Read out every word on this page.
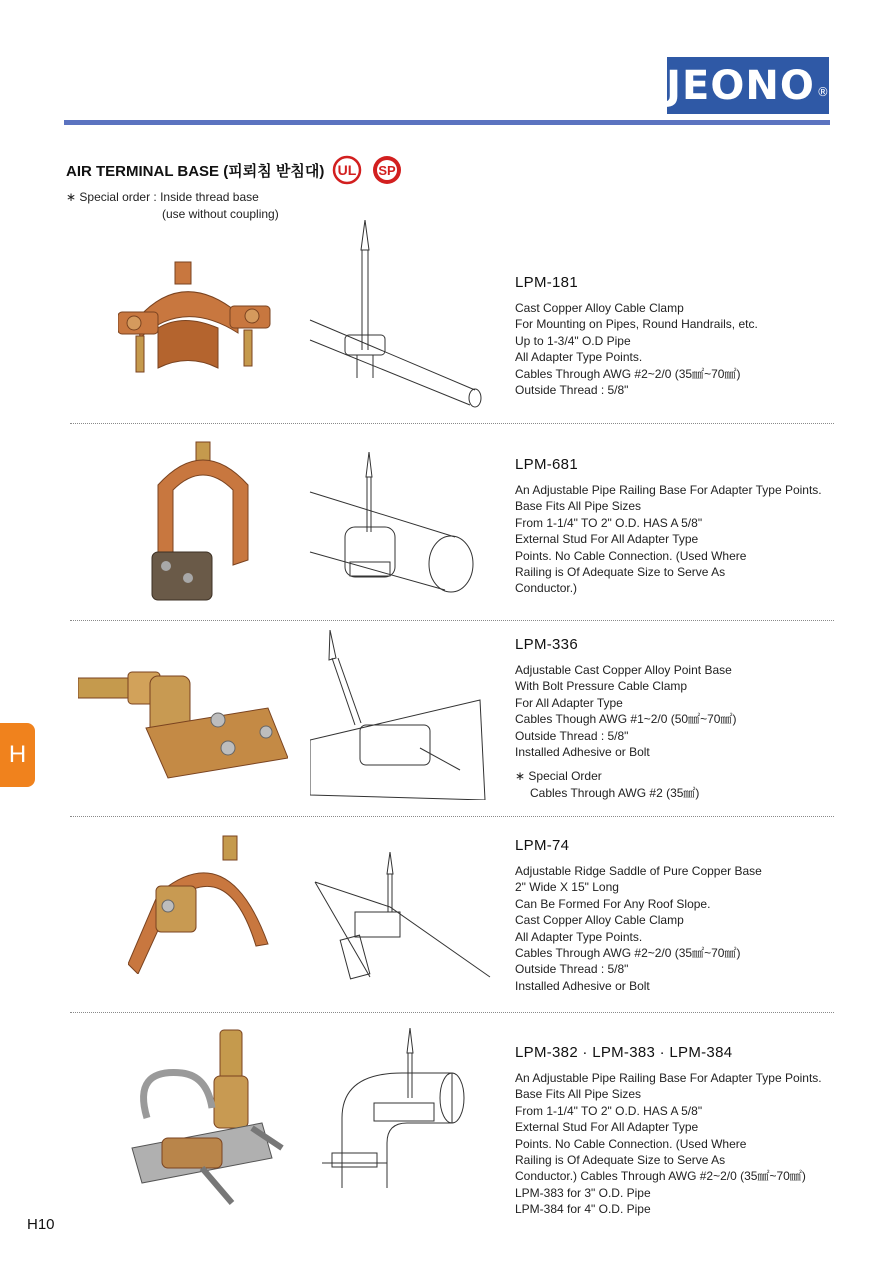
JEONO®
AIR TERMINAL BASE (피뢰침 받침대) UL SP
∗ Special order : Inside thread base
(use without coupling)
LPM-181
Cast Copper Alloy Cable Clamp
For Mounting on Pipes, Round Handrails, etc.
Up to 1-3/4" O.D Pipe
All Adapter Type Points.
Cables Through AWG #2~2/0 (35㎟~70㎟)
Outside Thread : 5/8"
LPM-681
An Adjustable Pipe Railing Base For Adapter Type Points.
Base Fits All Pipe Sizes
From 1-1/4" TO 2" O.D. HAS A 5/8"
External Stud For All Adapter Type
Points. No Cable Connection. (Used Where
Railing is Of Adequate Size to Serve As
Conductor.)
LPM-336
Adjustable Cast Copper Alloy Point Base
With Bolt Pressure Cable Clamp
For All Adapter Type
Cables Though AWG #1~2/0 (50㎟~70㎟)
Outside Thread : 5/8"
Installed Adhesive or Bolt
∗ Special Order
Cables Through AWG #2 (35㎟)
LPM-74
Adjustable Ridge Saddle of Pure Copper Base
2" Wide X 15" Long
Can Be Formed For Any Roof Slope.
Cast Copper Alloy Cable Clamp
All Adapter Type Points.
Cables Through AWG #2~2/0 (35㎟~70㎟)
Outside Thread : 5/8"
Installed Adhesive or Bolt
LPM-382 · LPM-383 · LPM-384
An Adjustable Pipe Railing Base For Adapter Type Points.
Base Fits All Pipe Sizes
From 1-1/4" TO 2" O.D. HAS A 5/8"
External Stud For All Adapter Type
Points. No Cable Connection. (Used Where
Railing is Of Adequate Size to Serve As
Conductor.) Cables Through AWG #2~2/0 (35㎟~70㎟)
LPM-383 for 3" O.D. Pipe
LPM-384 for 4" O.D. Pipe
H
H10
